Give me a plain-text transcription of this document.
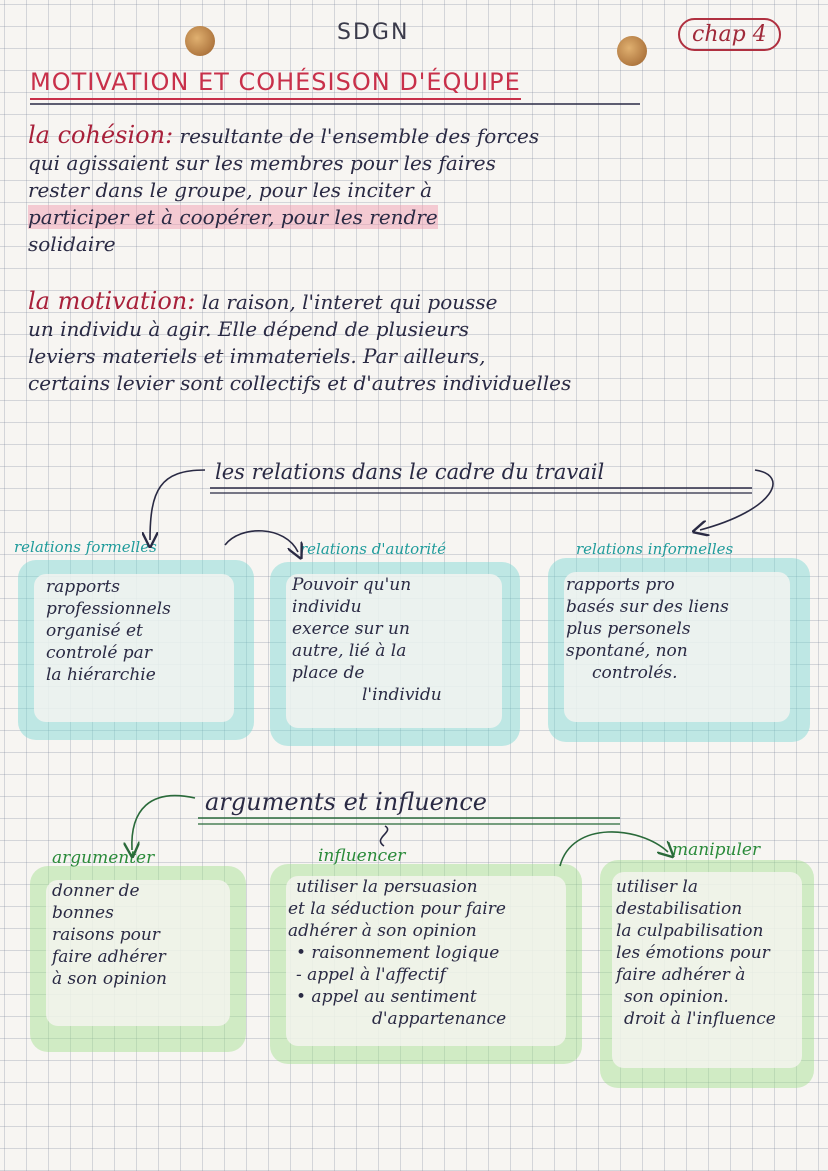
SDGN	chap 4
MOTIVATION ET COHÉSISON D'ÉQUIPE
la cohésion: resultante de l'ensemble des forces
qui agissaient sur les membres pour les faires
rester dans le groupe, pour les inciter à
participer et à coopérer, pour les rendre
solidaire
la motivation: la raison, l'interet qui pousse
un individu à agir. Elle dépend de plusieurs
leviers materiels et immateriels. Par ailleurs,
certains levier sont collectifs et d'autres individuelles
les relations dans le cadre du travail
relations formelles	relations d'autorité	relations informelles
rapports
professionnels
organisé et
controlé par
la hiérarchie
Pouvoir qu'un
individu
exerce sur un
autre, lié à la
place de
l'individu
rapports pro
basés sur des liens
plus personels
spontané, non
controlés.
arguments et influence
argumenter	influencer	manipuler
donner de
bonnes
raisons pour
faire adhérer
à son opinion
utiliser la persuasion
et la séduction pour faire
adhérer à son opinion
• raisonnement logique
- appel à l'affectif
• appel au sentiment
d'appartenance
utiliser la
destabilisation
la culpabilisation
les émotions pour
faire adhérer à
son opinion.
droit à l'influence
